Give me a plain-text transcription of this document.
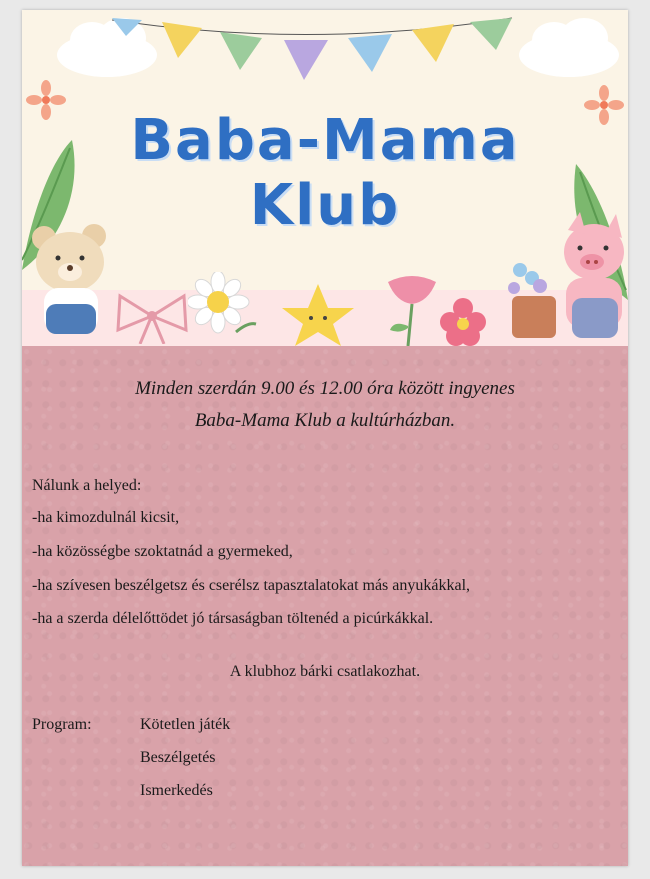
Baba-Mama
Klub
Minden szerdán 9.00 és 12.00 óra között ingyenes
Baba-Mama Klub a kultúrházban.
Nálunk a helyed:
-ha kimozdulnál kicsit,
-ha közösségbe szoktatnád a gyermeked,
-ha szívesen beszélgetsz és cserélsz tapasztalatokat más anyukákkal,
-ha a szerda délelőttödet jó társaságban töltenéd a picúrkákkal.
A klubhoz bárki csatlakozhat.
Program:	Kötetlen játék
Beszélgetés
Ismerkedés
